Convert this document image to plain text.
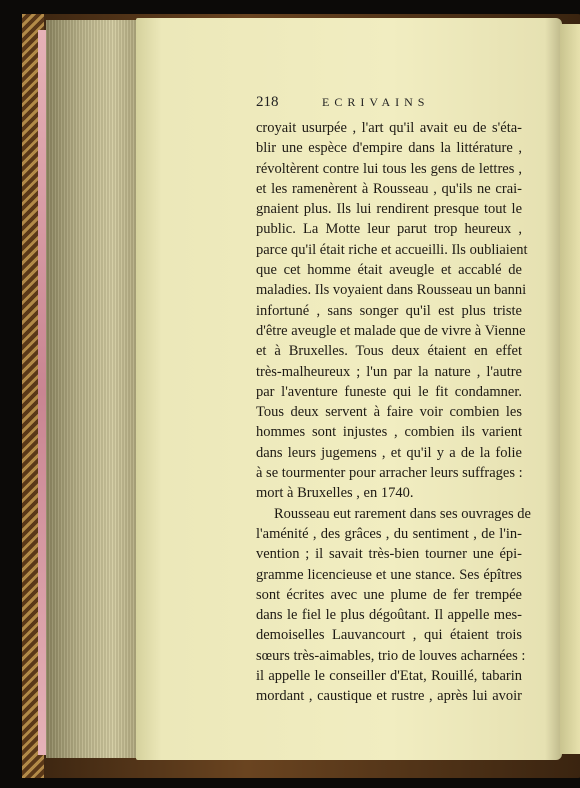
218	ECRIVAINS
croyait usurpée , l'art qu'il avait eu de s'éta-
blir une espèce d'empire dans la littérature ,
révoltèrent contre lui tous les gens de lettres ,
et les ramenèrent à Rousseau , qu'ils ne crai-
gnaient plus. Ils lui rendirent presque tout le
public. La Motte leur parut trop heureux ,
parce qu'il était riche et accueilli. Ils oubliaient
que cet homme était aveugle et accablé de
maladies. Ils voyaient dans Rousseau un banni
infortuné , sans songer qu'il est plus triste
d'être aveugle et malade que de vivre à Vienne
et à Bruxelles. Tous deux étaient en effet
très-malheureux ; l'un par la nature , l'autre
par l'aventure funeste qui le fit condamner.
Tous deux servent à faire voir combien les
hommes sont injustes , combien ils varient
dans leurs jugemens , et qu'il y a de la folie
à se tourmenter pour arracher leurs suffrages :
mort à Bruxelles , en 1740.
Rousseau eut rarement dans ses ouvrages de
l'aménité , des grâces , du sentiment , de l'in-
vention ; il savait très-bien tourner une épi-
gramme licencieuse et une stance. Ses épîtres
sont écrites avec une plume de fer trempée
dans le fiel le plus dégoûtant. Il appelle mes-
demoiselles Lauvancourt , qui étaient trois
sœurs très-aimables, trio de louves acharnées :
il appelle le conseiller d'Etat, Rouillé, tabarin
mordant , caustique et rustre , après lui avoir
